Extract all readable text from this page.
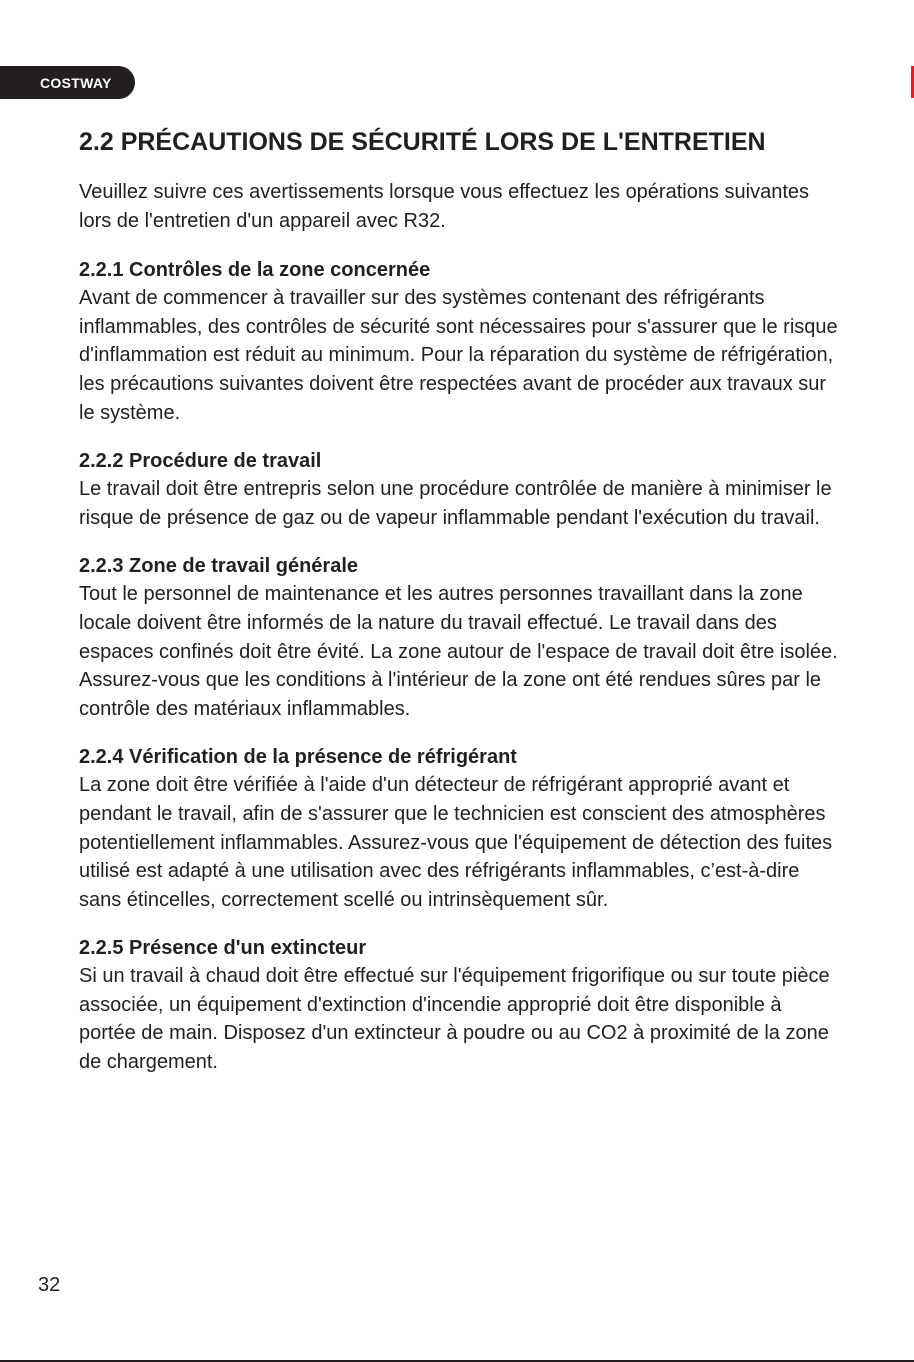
COSTWAY
2.2 PRÉCAUTIONS DE SÉCURITÉ LORS DE L'ENTRETIEN

Veuillez suivre ces avertissements lorsque vous effectuez les opérations suivantes lors de l'entretien d'un appareil avec R32.

2.2.1 Contrôles de la zone concernée

Avant de commencer à travailler sur des systèmes contenant des réfrigérants inflammables, des contrôles de sécurité sont nécessaires pour s'assurer que le risque d'inflammation est réduit au minimum. Pour la réparation du système de réfrigération, les précautions suivantes doivent être respectées avant de procéder aux travaux sur le système.

2.2.2 Procédure de travail

Le travail doit être entrepris selon une procédure contrôlée de manière à minimiser le risque de présence de gaz ou de vapeur inflammable pendant l'exécution du travail.

2.2.3 Zone de travail générale

Tout le personnel de maintenance et les autres personnes travaillant dans la zone locale doivent être informés de la nature du travail effectué. Le travail dans des espaces confinés doit être évité. La zone autour de l'espace de travail doit être isolée. Assurez-vous que les conditions à l'intérieur de la zone ont été rendues sûres par le contrôle des matériaux inflammables.

2.2.4 Vérification de la présence de réfrigérant

La zone doit être vérifiée à l'aide d'un détecteur de réfrigérant approprié avant et pendant le travail, afin de s'assurer que le technicien est conscient des atmosphères potentiellement inflammables. Assurez-vous que l'équipement de détection des fuites utilisé est adapté à une utilisation avec des réfrigérants inflammables, c’est-à-dire sans étincelles, correctement scellé ou intrinsèquement sûr.

2.2.5 Présence d'un extincteur

Si un travail à chaud doit être effectué sur l'équipement frigorifique ou sur toute pièce associée, un équipement d'extinction d'incendie approprié doit être disponible à portée de main. Disposez d'un extincteur à poudre ou au CO2 à proximité de la zone de chargement.

32
